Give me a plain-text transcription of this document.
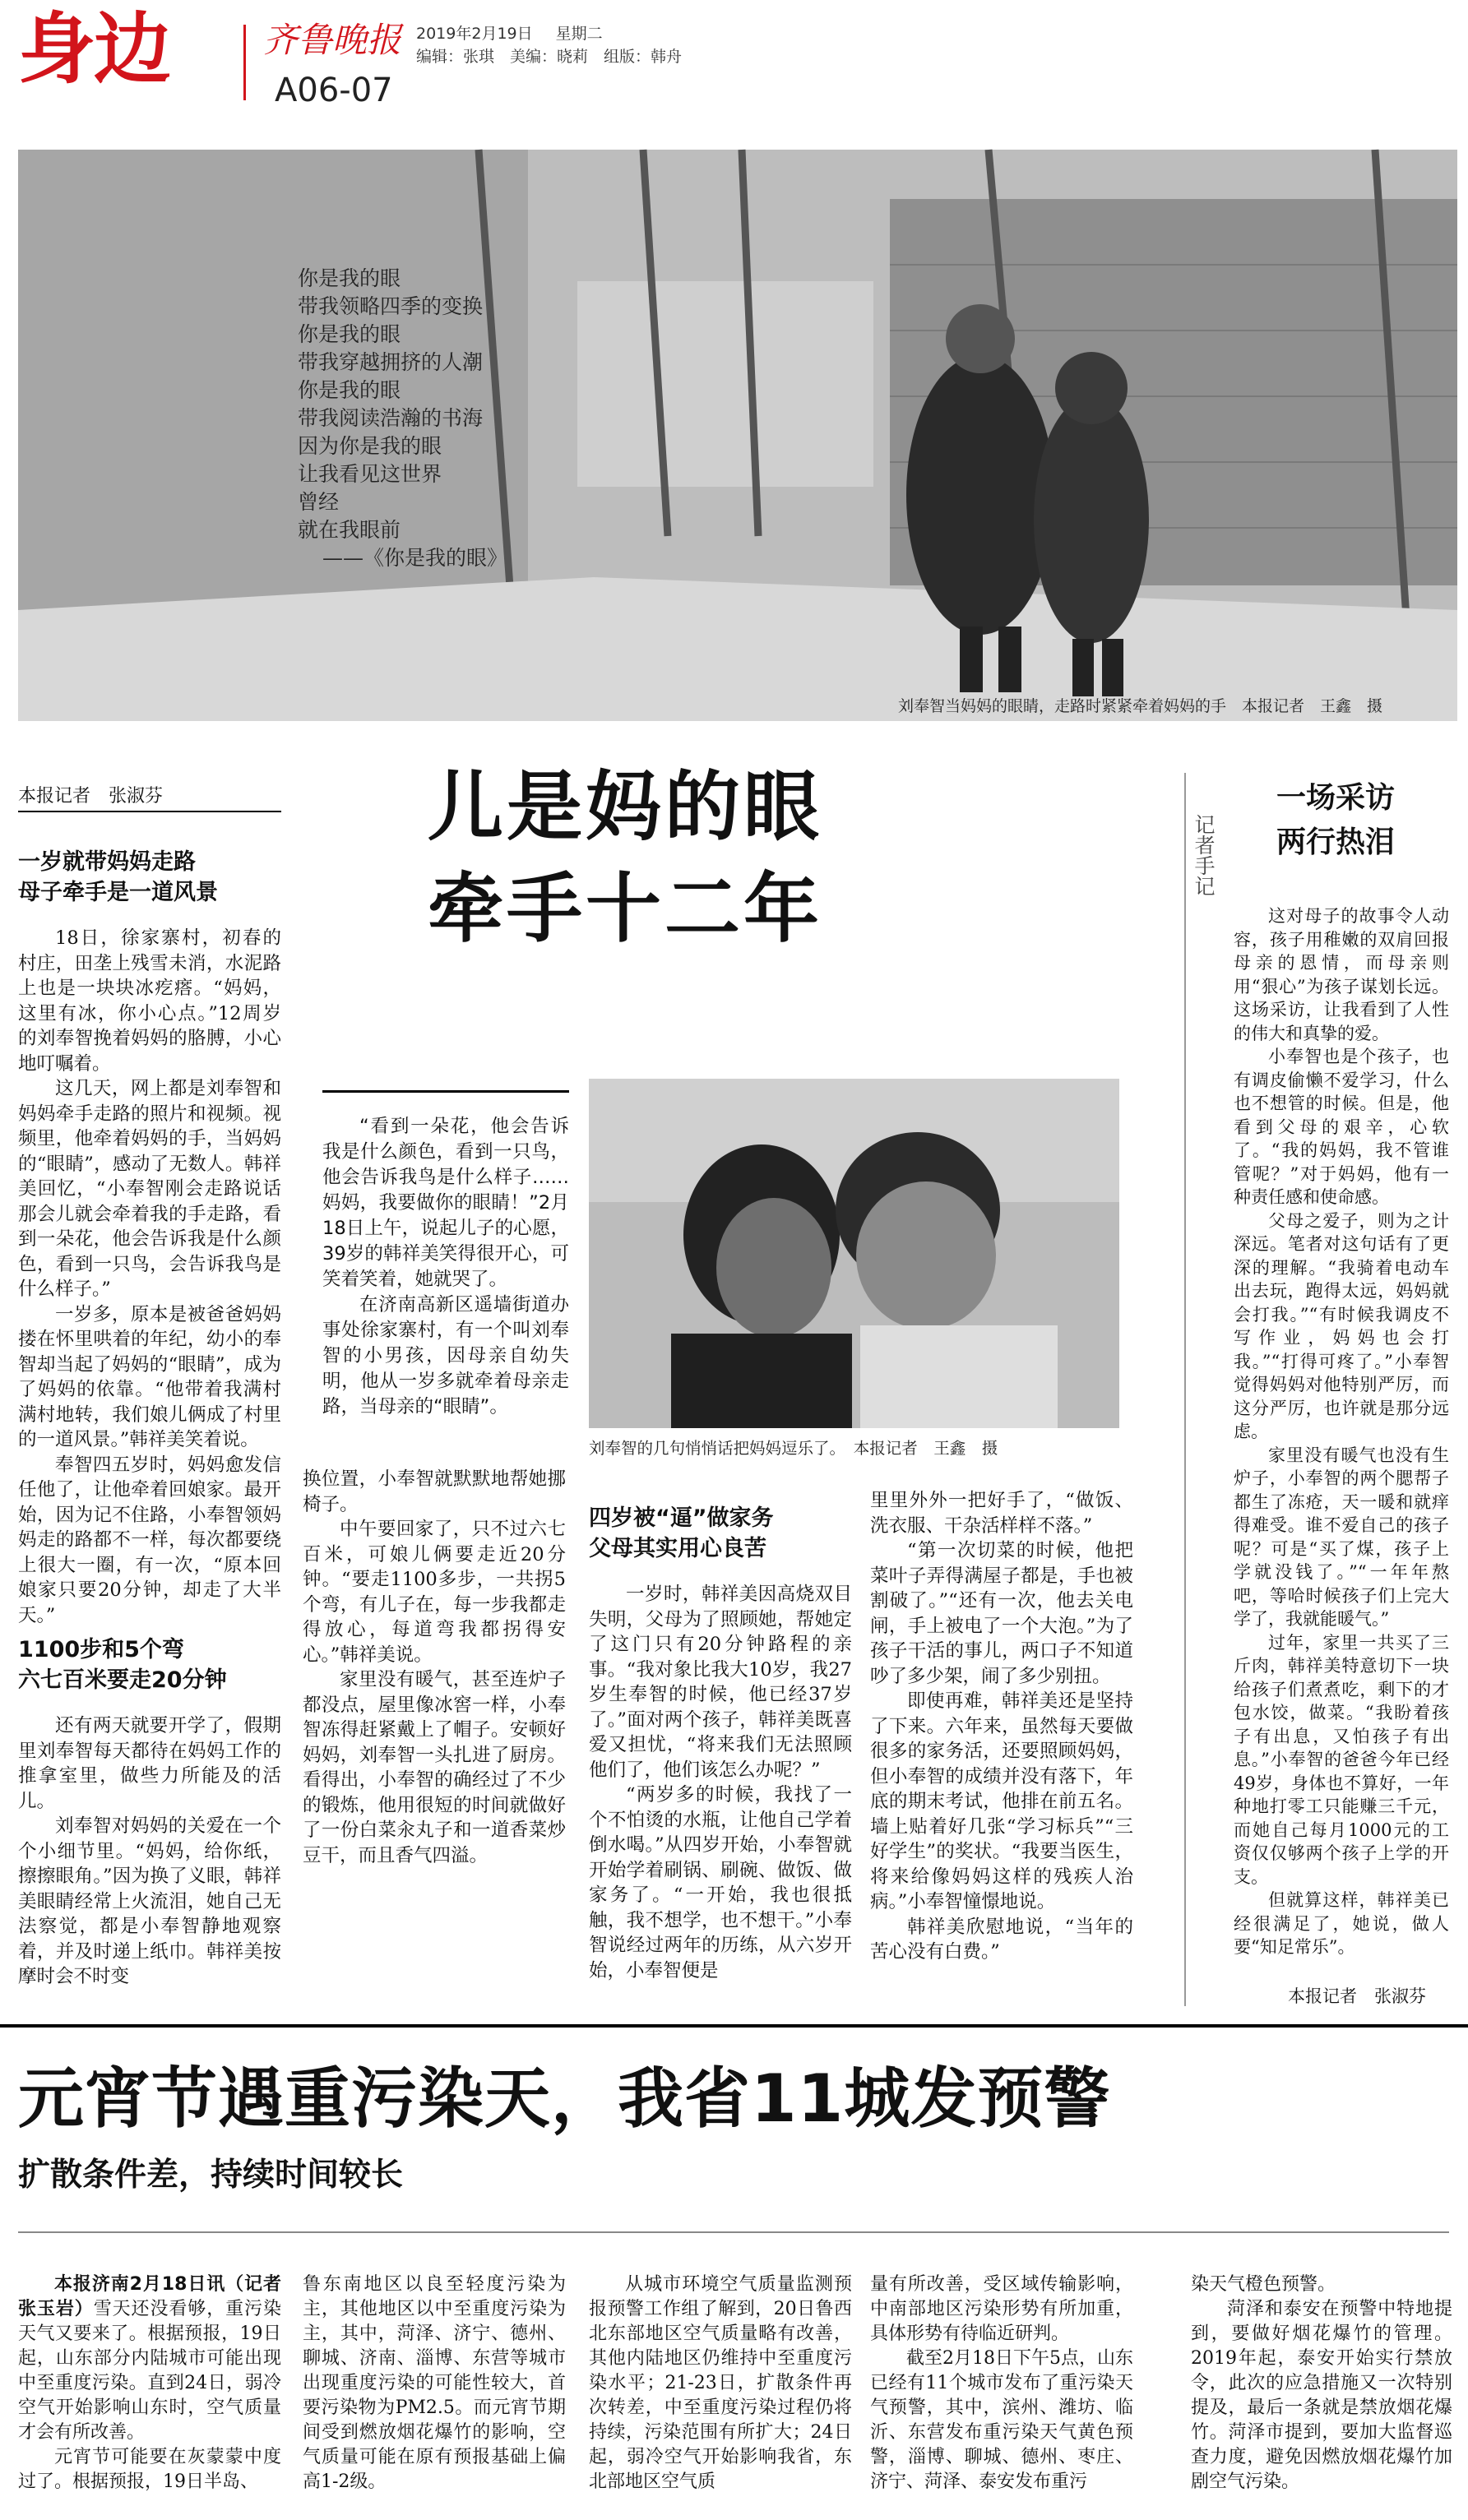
身边	齐鲁晚报 2019年2月19日 星期二
编辑：张琪　美编：晓莉　组版：韩舟
A06-07
你是我的眼
带我领略四季的变换
你是我的眼
带我穿越拥挤的人潮
你是我的眼
带我阅读浩瀚的书海
因为你是我的眼
让我看见这世界
曾经
就在我眼前
——《你是我的眼》
刘奉智当妈妈的眼睛，走路时紧紧牵着妈妈的手　本报记者　王鑫　摄
本报记者　张淑芬
一岁就带妈妈走路
母子牵手是一道风景

18日，徐家寨村，初春的村庄，田垄上残雪未消，水泥路上也是一块块冰疙瘩。“妈妈，这里有冰，你小心点。”12周岁的刘奉智挽着妈妈的胳膊，小心地叮嘱着。

这几天，网上都是刘奉智和妈妈牵手走路的照片和视频。视频里，他牵着妈妈的手，当妈妈的“眼睛”，感动了无数人。韩祥美回忆，“小奉智刚会走路说话那会儿就会牵着我的手走路，看到一朵花，他会告诉我是什么颜色，看到一只鸟，会告诉我鸟是什么样子。”

一岁多，原本是被爸爸妈妈搂在怀里哄着的年纪，幼小的奉智却当起了妈妈的“眼睛”，成为了妈妈的依靠。“他带着我满村满村地转，我们娘儿俩成了村里的一道风景。”韩祥美笑着说。

奉智四五岁时，妈妈愈发信任他了，让他牵着回娘家。最开始，因为记不住路，小奉智领妈妈走的路都不一样，每次都要绕上很大一圈，有一次，“原本回娘家只要20分钟，却走了大半天。”

1100步和5个弯
六七百米要走20分钟

还有两天就要开学了，假期里刘奉智每天都待在妈妈工作的推拿室里，做些力所能及的活儿。

刘奉智对妈妈的关爱在一个个小细节里。“妈妈，给你纸，擦擦眼角。”因为换了义眼，韩祥美眼睛经常上火流泪，她自己无法察觉，都是小奉智静地观察着，并及时递上纸巾。韩祥美按摩时会不时变

儿是妈的眼
牵手十二年

“看到一朵花，他会告诉我是什么颜色，看到一只鸟，他会告诉我鸟是什么样子……妈妈，我要做你的眼睛！”2月18日上午，说起儿子的心愿，39岁的韩祥美笑得很开心，可笑着笑着，她就哭了。

在济南高新区遥墙街道办事处徐家寨村，有一个叫刘奉智的小男孩，因母亲自幼失明，他从一岁多就牵着母亲走路，当母亲的“眼睛”。

刘奉智的几句悄悄话把妈妈逗乐了。　本报记者　王鑫　摄

换位置，小奉智就默默地帮她挪椅子。

中午要回家了，只不过六七百米，可娘儿俩要走近20分钟。“要走1100多步，一共拐5个弯，有儿子在，每一步我都走得放心，每道弯我都拐得安心。”韩祥美说。

家里没有暖气，甚至连炉子都没点，屋里像冰窖一样，小奉智冻得赶紧戴上了帽子。安顿好妈妈，刘奉智一头扎进了厨房。看得出，小奉智的确经过了不少的锻炼，他用很短的时间就做好了一份白菜汆丸子和一道香菜炒豆干，而且香气四溢。

四岁被“逼”做家务
父母其实用心良苦

一岁时，韩祥美因高烧双目失明，父母为了照顾她，帮她定了这门只有20分钟路程的亲事。“我对象比我大10岁，我27岁生奉智的时候，他已经37岁了。”面对两个孩子，韩祥美既喜爱又担忧，“将来我们无法照顾他们了，他们该怎么办呢？”

“两岁多的时候，我找了一个不怕烫的水瓶，让他自己学着倒水喝。”从四岁开始，小奉智就开始学着刷锅、刷碗、做饭、做家务了。“一开始，我也很抵触，我不想学，也不想干。”小奉智说经过两年的历练，从六岁开始，小奉智便是

里里外外一把好手了，“做饭、洗衣服、干杂活样样不落。”

“第一次切菜的时候，他把菜叶子弄得满屋子都是，手也被割破了。”“还有一次，他去关电闸，手上被电了一个大泡。”为了孩子干活的事儿，两口子不知道吵了多少架，闹了多少别扭。

即使再难，韩祥美还是坚持了下来。六年来，虽然每天要做很多的家务活，还要照顾妈妈，但小奉智的成绩并没有落下，年底的期末考试，他排在前五名。墙上贴着好几张“学习标兵”“三好学生”的奖状。“我要当医生，将来给像妈妈这样的残疾人治病。”小奉智憧憬地说。

韩祥美欣慰地说，“当年的苦心没有白费。”

记者手记
一场采访
两行热泪

这对母子的故事令人动容，孩子用稚嫩的双肩回报母亲的恩情，而母亲则用“狠心”为孩子谋划长远。这场采访，让我看到了人性的伟大和真挚的爱。

小奉智也是个孩子，也有调皮偷懒不爱学习，什么也不想管的时候。但是，他看到父母的艰辛，心软了。“我的妈妈，我不管谁管呢？”对于妈妈，他有一种责任感和使命感。

父母之爱子，则为之计深远。笔者对这句话有了更深的理解。“我骑着电动车出去玩，跑得太远，妈妈就会打我。”“有时候我调皮不写作业，妈妈也会打我。”“打得可疼了。”小奉智觉得妈妈对他特别严厉，而这分严厉，也许就是那分远虑。

家里没有暖气也没有生炉子，小奉智的两个腮帮子都生了冻疮，天一暖和就痒得难受。谁不爱自己的孩子呢？可是“买了煤，孩子上学就没钱了。”“一年年熬吧，等哈时候孩子们上完大学了，我就能暖气。”

过年，家里一共买了三斤肉，韩祥美特意切下一块给孩子们煮煮吃，剩下的才包水饺，做菜。“我盼着孩子有出息，又怕孩子有出息。”小奉智的爸爸今年已经49岁，身体也不算好，一年种地打零工只能赚三千元，而她自己每月1000元的工资仅仅够两个孩子上学的开支。

但就算这样，韩祥美已经很满足了，她说，做人要“知足常乐”。

本报记者　张淑芬
元宵节遇重污染天，我省11城发预警
扩散条件差，持续时间较长

本报济南2月18日讯（记者　张玉岩）雪天还没看够，重污染天气又要来了。根据预报，19日起，山东部分内陆城市可能出现中至重度污染。直到24日，弱冷空气开始影响山东时，空气质量才会有所改善。

元宵节可能要在灰蒙蒙中度过了。根据预报，19日半岛、

鲁东南地区以良至轻度污染为主，其他地区以中至重度污染为主，其中，菏泽、济宁、德州、聊城、济南、淄博、东营等城市出现重度污染的可能性较大，首要污染物为PM2.5。而元宵节期间受到燃放烟花爆竹的影响，空气质量可能在原有预报基础上偏高1-2级。

从城市环境空气质量监测预报预警工作组了解到，20日鲁西北东部地区空气质量略有改善，其他内陆地区仍维持中至重度污染水平；21-23日，扩散条件再次转差，中至重度污染过程仍将持续，污染范围有所扩大；24日起，弱冷空气开始影响我省，东北部地区空气质

量有所改善，受区域传输影响，中南部地区污染形势有所加重，具体形势有待临近研判。

截至2月18日下午5点，山东已经有11个城市发布了重污染天气预警，其中，滨州、潍坊、临沂、东营发布重污染天气黄色预警，淄博、聊城、德州、枣庄、济宁、菏泽、泰安发布重污

染天气橙色预警。

菏泽和泰安在预警中特地提到，要做好烟花爆竹的管理。2019年起，泰安开始实行禁放令，此次的应急措施又一次特别提及，最后一条就是禁放烟花爆竹。菏泽市提到，要加大监督巡查力度，避免因燃放烟花爆竹加剧空气污染。
